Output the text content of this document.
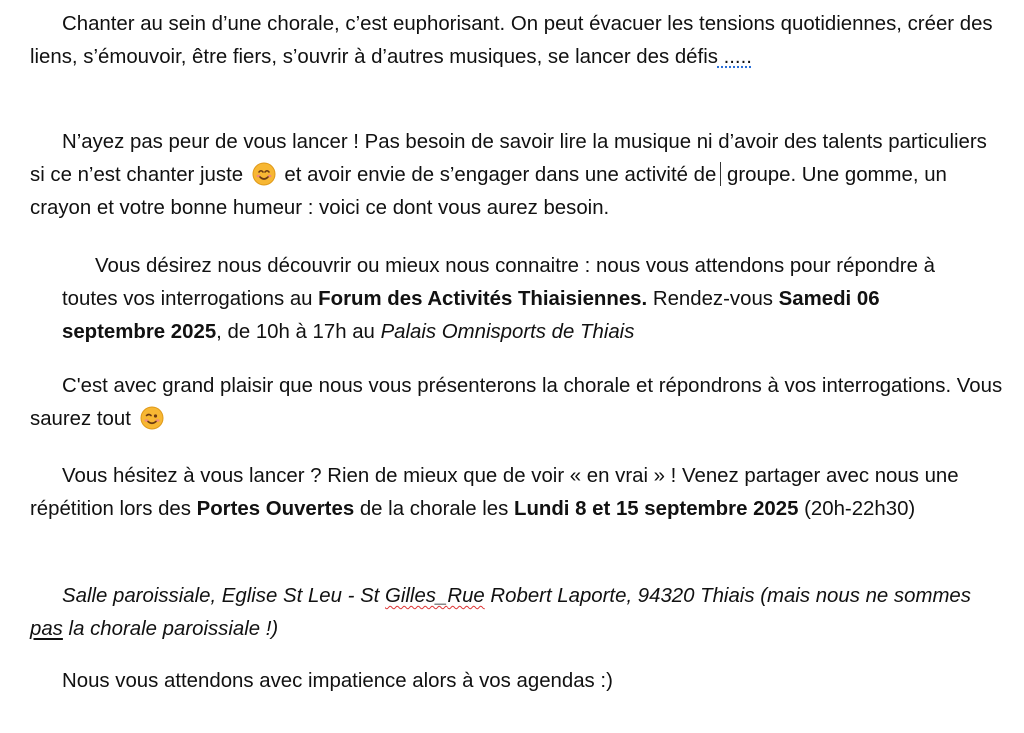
Chanter au sein d’une chorale, c’est euphorisant. On peut évacuer les tensions quotidiennes, créer des liens, s’émouvoir, être fiers, s’ouvrir à d’autres musiques, se lancer des défis .....

N’ayez pas peur de vous lancer ! Pas besoin de savoir lire la musique ni d’avoir des talents particuliers si ce n’est chanter juste et avoir envie de s’engager dans une activité de groupe. Une gomme, un crayon et votre bonne humeur : voici ce dont vous aurez besoin.

Vous désirez nous découvrir ou mieux nous connaitre : nous vous attendons pour répondre à toutes vos interrogations au Forum des Activités Thiaisiennes. Rendez-vous Samedi 06 septembre 2025, de 10h à 17h au Palais Omnisports de Thiais

C'est avec grand plaisir que nous vous présenterons la chorale et répondrons à vos interrogations. Vous saurez tout

Vous hésitez à vous lancer ? Rien de mieux que de voir « en vrai » ! Venez partager avec nous une répétition lors des Portes Ouvertes de la chorale les Lundi 8 et 15 septembre 2025 (20h-22h30)

Salle paroissiale, Eglise St Leu - St Gilles_Rue Robert Laporte, 94320 Thiais (mais nous ne sommes pas la chorale paroissiale !)

Nous vous attendons avec impatience alors à vos agendas :)
